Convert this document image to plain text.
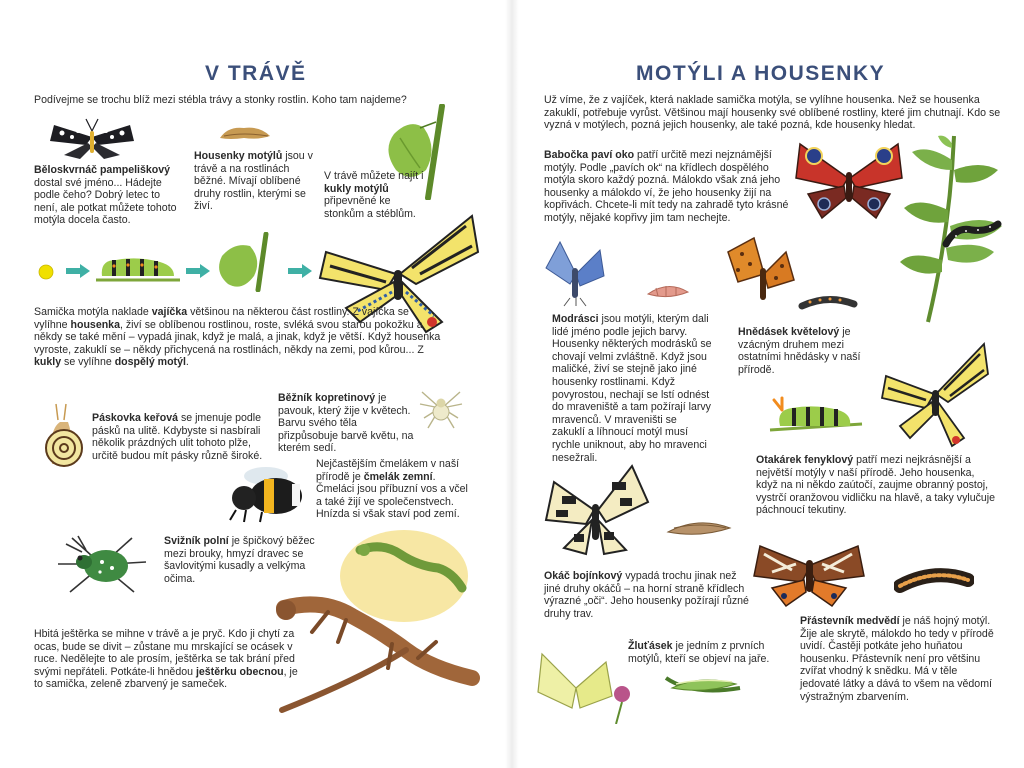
V TRÁVĚ

Podívejme se trochu blíž mezi stébla trávy a stonky rostlin. Koho tam najdeme?

Běloskvrnáč pampeliškový dostal své jméno... Hádejte podle čeho? Dobrý letec to není, ale potkat můžete tohoto motýla docela často.

Housenky motýlů jsou v trávě a na rostlinách běžné. Mívají oblíbené druhy rostlin, kterými se živí.

V trávě můžete najít i kukly motýlů připevněné ke stonkům a stéblům.

Samička motýla naklade vajíčka většinou na některou část rostliny. Z vajíčka se vylíhne housenka, živí se oblíbenou rostlinou, roste, svléká svou starou pokožku a někdy se také mění – vypadá jinak, když je malá, a jinak, když je větší. Když housenka vyroste, zakuklí se – někdy přichycená na rostlinách, někdy na zemi, pod kůrou... Z kukly se vylíhne dospělý motýl.

Páskovka keřová se jmenuje podle pásků na ulitě. Kdybyste si nasbírali několik prázdných ulit tohoto plže, určitě budou mít pásky různě široké.

Běžník kopretinový je pavouk, který žije v květech. Barvu svého těla přizpůsobuje barvě květu, na kterém sedí.

Nejčastějším čmelákem v naší přírodě je čmelák zemní. Čmeláci jsou příbuzní vos a včel a také žijí ve společenstvech. Hnízda si však staví pod zemí.

Svižník polní je špičkový běžec mezi brouky, hmyzí dravec se šavlovitými kusadly a velkýma očima.

Hbitá ještěrka se mihne v trávě a je pryč. Kdo ji chytí za ocas, bude se divit – zůstane mu mrskající se ocásek v ruce. Nedělejte to ale prosím, ještěrka se tak brání před svými nepřáteli. Potkáte-li hnědou ještěrku obecnou, je to samička, zeleně zbarvený je sameček.

MOTÝLI A HOUSENKY

Už víme, že z vajíček, která naklade samička motýla, se vylíhne housenka. Než se housenka zakuklí, potřebuje vyrůst. Většinou mají housenky své oblíbené rostliny, které jim chutnají. Kdo se vyzná v motýlech, pozná jejich housenky, ale také pozná, kde housenky hledat.

Babočka paví oko patří určitě mezi nejznámější motýly. Podle „pavích ok“ na křídlech dospělého motýla skoro každý pozná. Málokdo však zná jeho housenky a málokdo ví, že jeho housenky žijí na kopřivách. Chcete-li mít tedy na zahradě tyto krásné motýly, nějaké kopřivy jim tam nechejte.

Modrásci jsou motýli, kterým dali lidé jméno podle jejich barvy. Housenky některých modrásků se chovají velmi zvláštně. Když jsou maličké, živí se stejně jako jiné housenky rostlinami. Když povyrostou, nechají se lstí odnést do mraveniště a tam požírají larvy mravenců. V mraveništi se zakuklí a líhnoucí motýl musí rychle uniknout, aby ho mravenci nesežrali.

Hnědásek květelový je vzácným druhem mezi ostatními hnědásky v naší přírodě.

Otakárek fenyklový patří mezi nejkrásnější a největší motýly v naší přírodě. Jeho housenka, když na ni někdo zaútočí, zaujme obranný postoj, vystrčí oranžovou vidličku na hlavě, a taky vylučuje páchnoucí tekutiny.

Okáč bojínkový vypadá trochu jinak než jiné druhy okáčů – na horní straně křídlech výrazné „oči“. Jeho housenky požírají různé druhy trav.

Přástevník medvědí je náš hojný motýl. Žije ale skrytě, málokdo ho tedy v přírodě uvidí. Častěji potkáte jeho huňatou housenku. Přástevník není pro většinu zvířat vhodný k snědku. Má v těle jedovaté látky a dává to všem na vědomí výstražným zbarvením.

Žluťásek je jedním z prvních motýlů, kteří se objeví na jaře.
